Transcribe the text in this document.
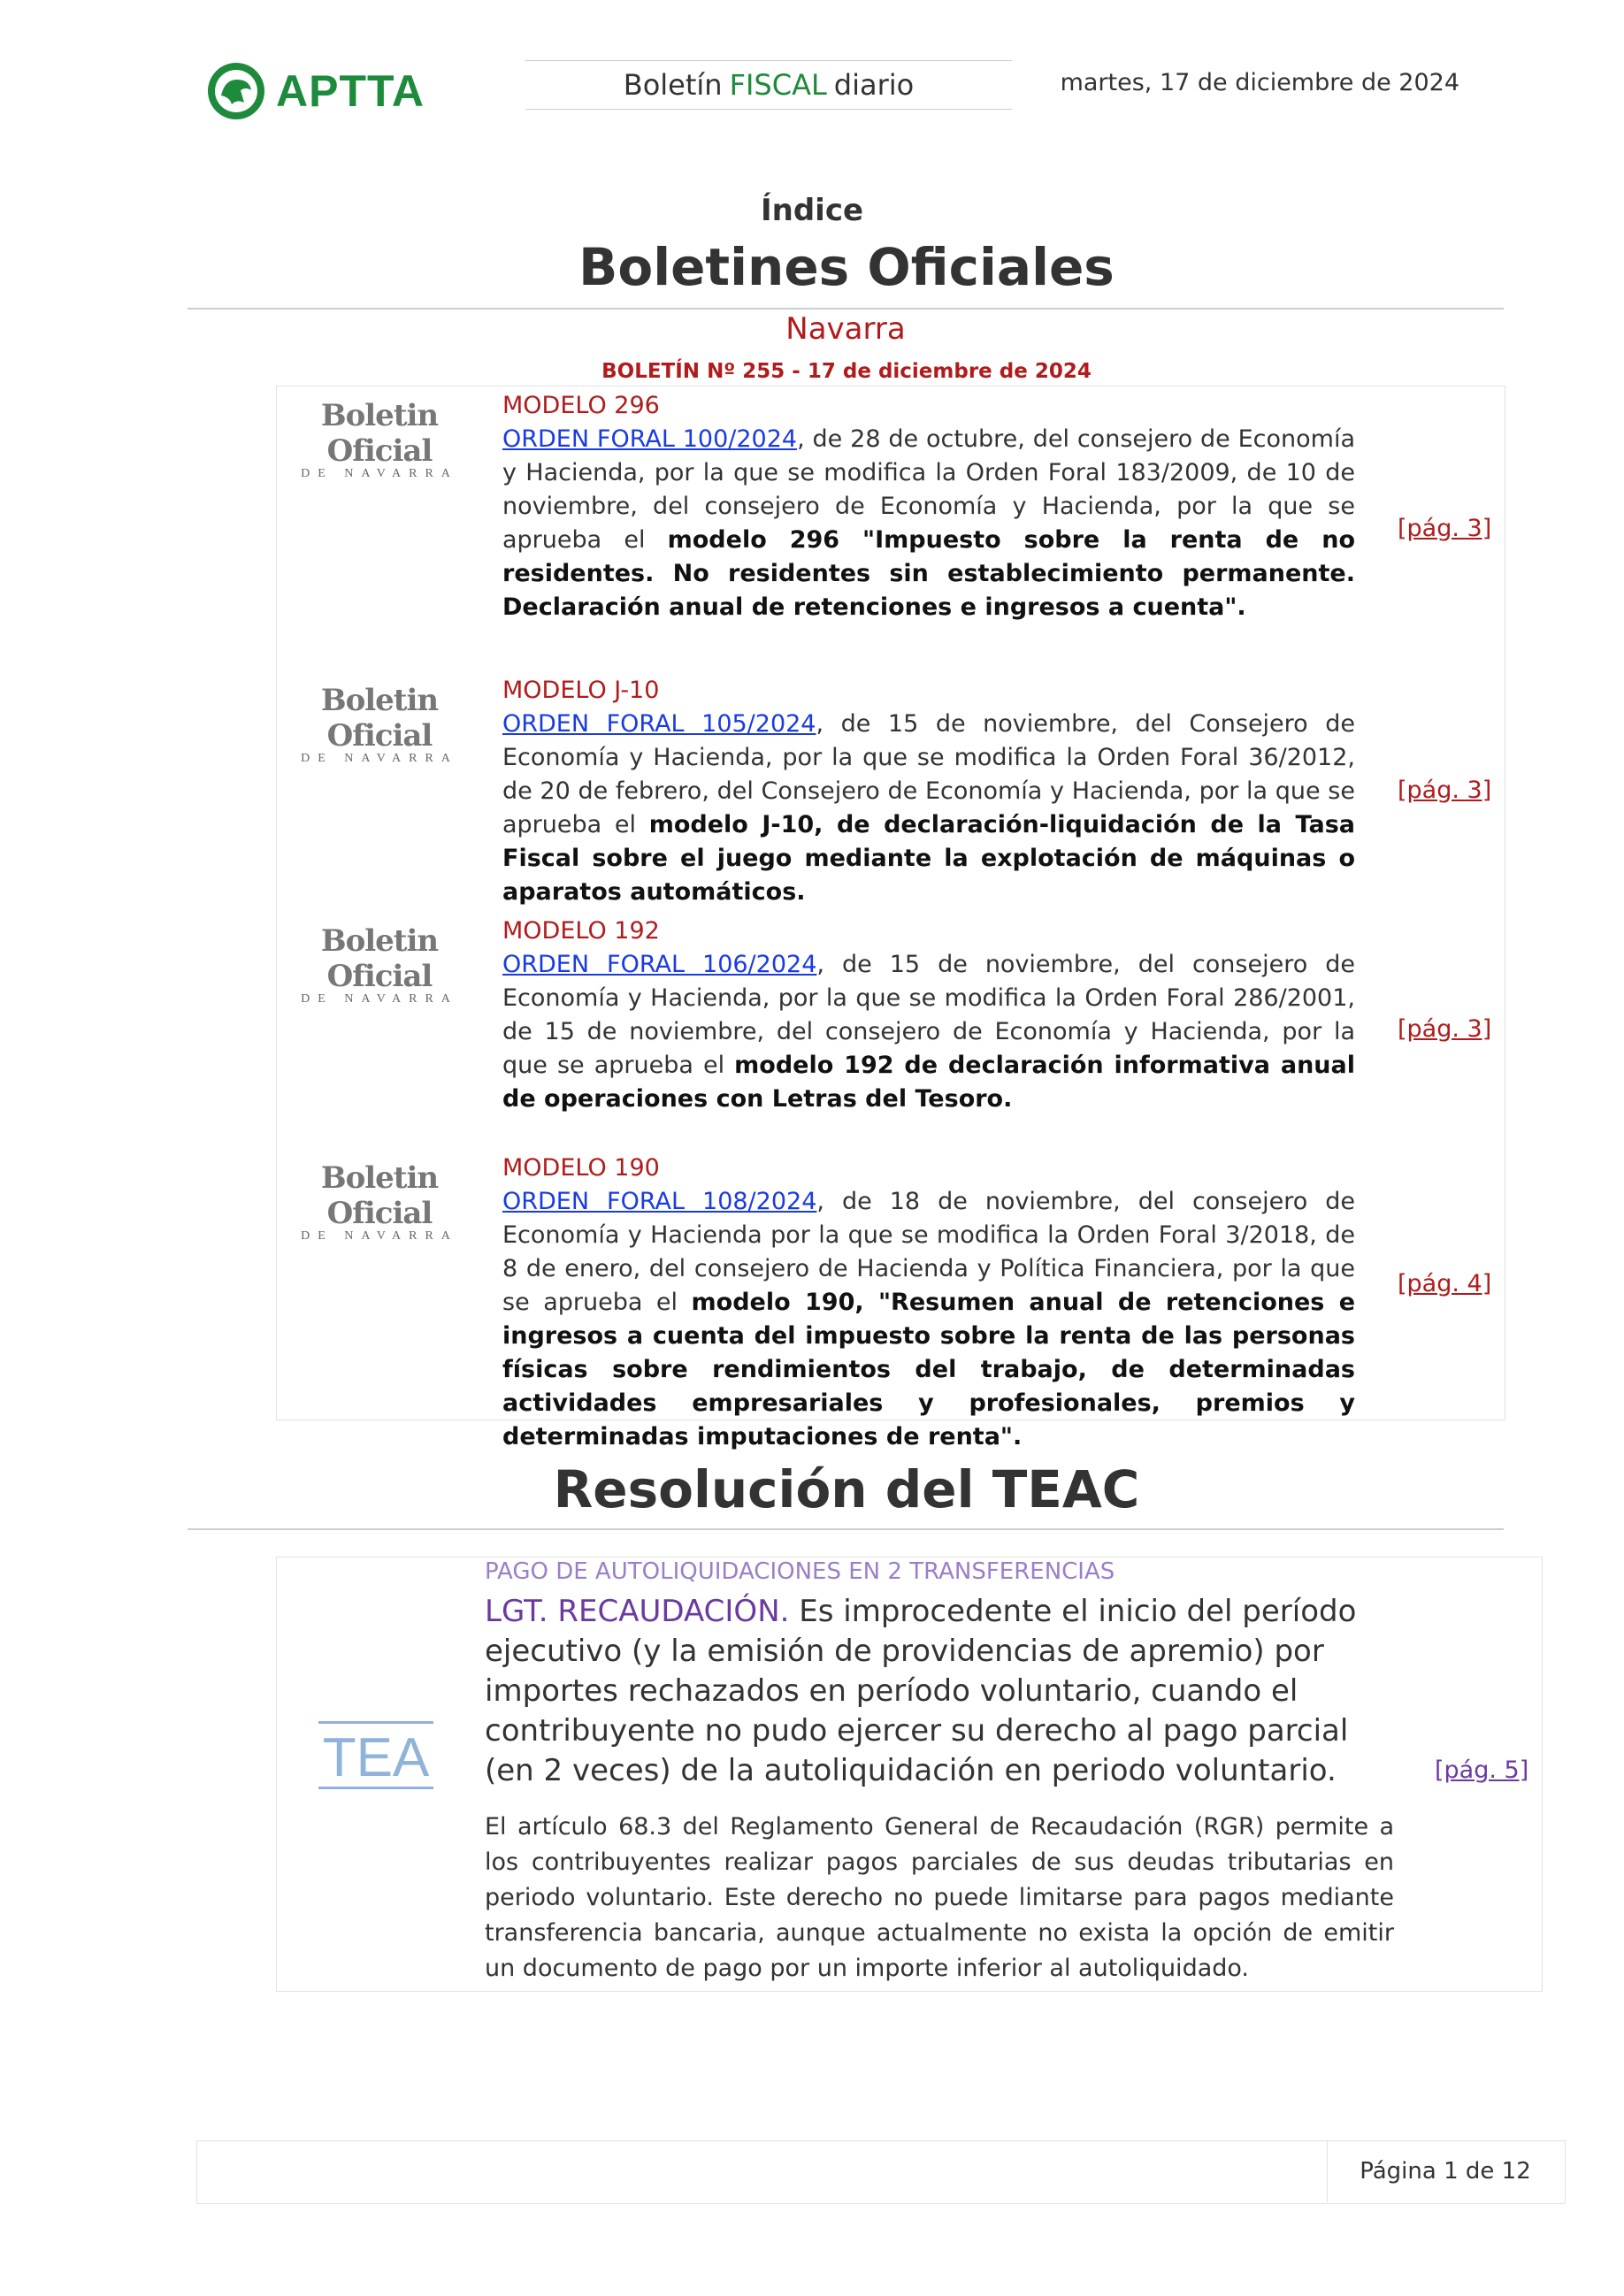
APTTA	Boletín FISCAL diario	martes, 17 de diciembre de 2024
Índice
Boletines Oficiales
Navarra
BOLETÍN Nº 255 - 17 de diciembre de 2024
Boletin Oficial
DE NAVARRA
MODELO 296
ORDEN FORAL 100/2024, de 28 de octubre, del consejero de Economía y Hacienda, por la que se modifica la Orden Foral 183/2009, de 10 de noviembre, del consejero de Economía y Hacienda, por la que se aprueba el modelo 296 "Impuesto sobre la renta de no residentes. No residentes sin establecimiento permanente. Declaración anual de retenciones e ingresos a cuenta".
[pág. 3]
Boletin Oficial
DE NAVARRA
MODELO J-10
ORDEN FORAL 105/2024, de 15 de noviembre, del Consejero de Economía y Hacienda, por la que se modifica la Orden Foral 36/2012, de 20 de febrero, del Consejero de Economía y Hacienda, por la que se aprueba el modelo J-10, de declaración-liquidación de la Tasa Fiscal sobre el juego mediante la explotación de máquinas o aparatos automáticos.
[pág. 3]
Boletin Oficial
DE NAVARRA
MODELO 192
ORDEN FORAL 106/2024, de 15 de noviembre, del consejero de Economía y Hacienda, por la que se modifica la Orden Foral 286/2001, de 15 de noviembre, del consejero de Economía y Hacienda, por la que se aprueba el modelo 192 de declaración informativa anual de operaciones con Letras del Tesoro.
[pág. 3]
Boletin Oficial
DE NAVARRA
MODELO 190
ORDEN FORAL 108/2024, de 18 de noviembre, del consejero de Economía y Hacienda por la que se modifica la Orden Foral 3/2018, de 8 de enero, del consejero de Hacienda y Política Financiera, por la que se aprueba el modelo 190, "Resumen anual de retenciones e ingresos a cuenta del impuesto sobre la renta de las personas físicas sobre rendimientos del trabajo, de determinadas actividades empresariales y profesionales, premios y determinadas imputaciones de renta".
[pág. 4]
Resolución del TEAC
TEA
PAGO DE AUTOLIQUIDACIONES EN 2 TRANSFERENCIAS
LGT. RECAUDACIÓN. Es improcedente el inicio del período ejecutivo (y la emisión de providencias de apremio) por importes rechazados en período voluntario, cuando el contribuyente no pudo ejercer su derecho al pago parcial (en 2 veces) de la autoliquidación en periodo voluntario.
El artículo 68.3 del Reglamento General de Recaudación (RGR) permite a los contribuyentes realizar pagos parciales de sus deudas tributarias en periodo voluntario. Este derecho no puede limitarse para pagos mediante transferencia bancaria, aunque actualmente no exista la opción de emitir un documento de pago por un importe inferior al autoliquidado.
[pág. 5]
Página 1 de 12
